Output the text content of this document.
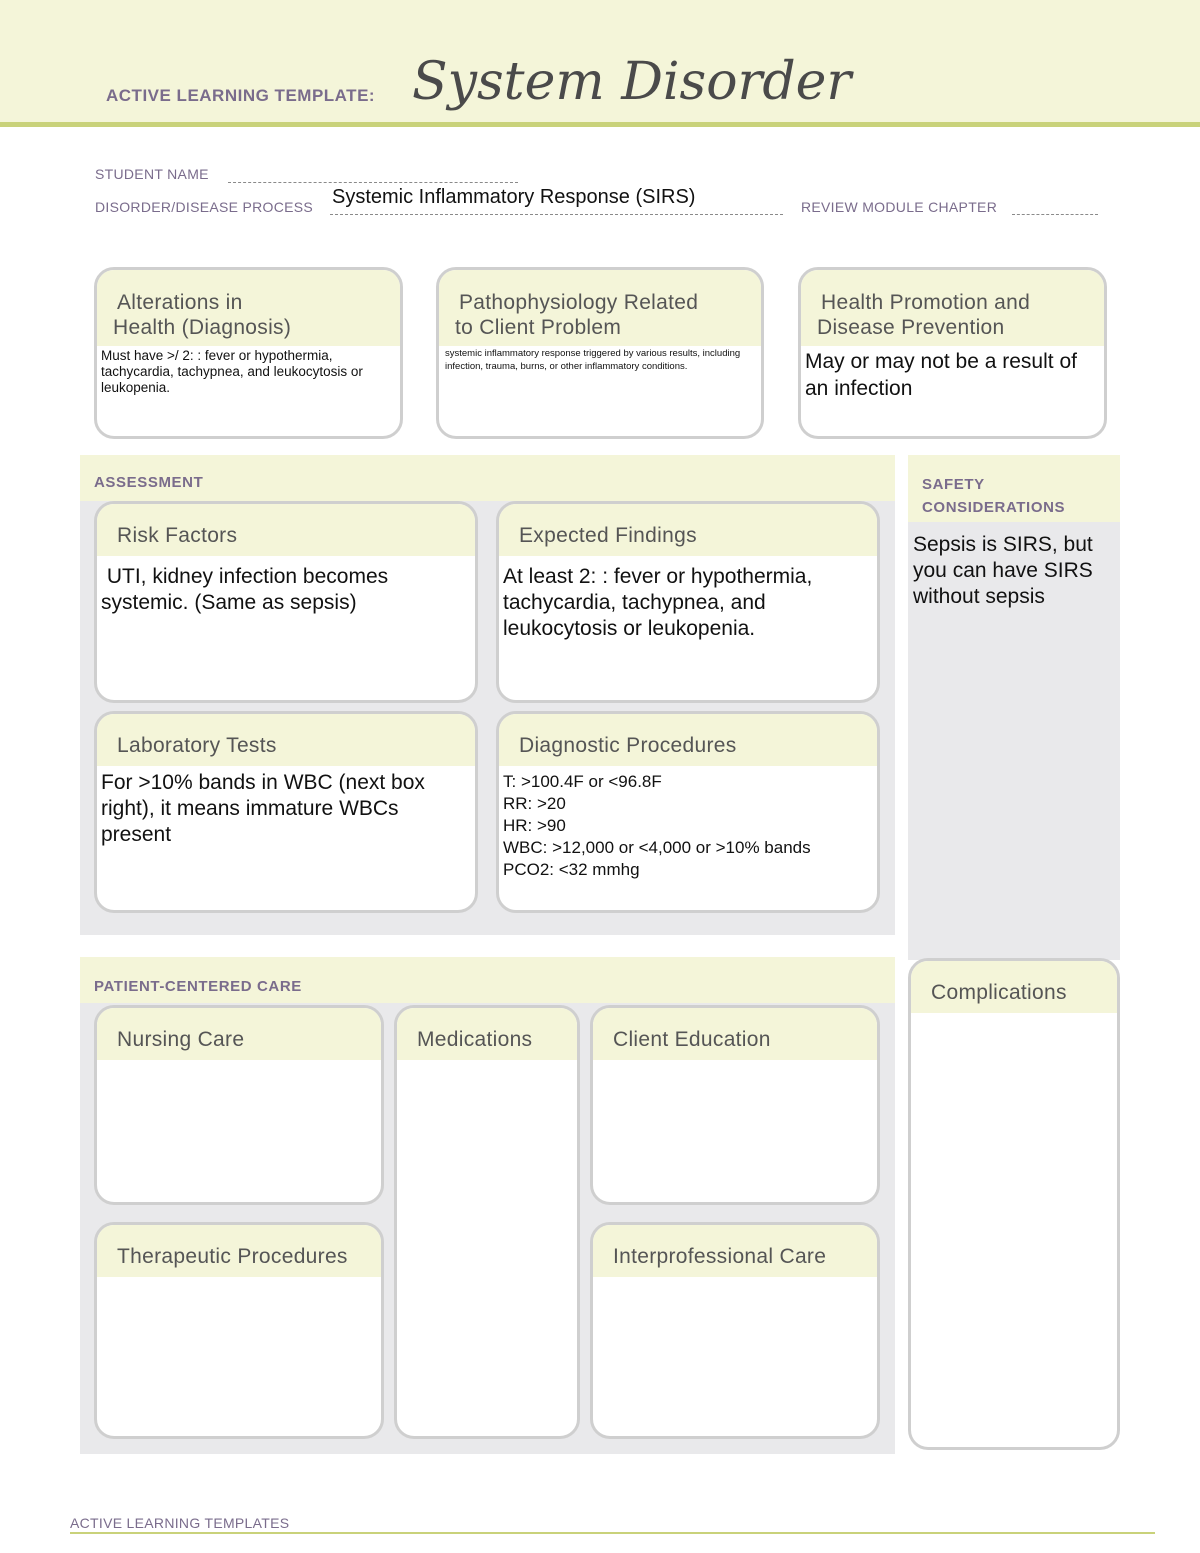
ACTIVE LEARNING TEMPLATE: System Disorder
STUDENT NAME
DISORDER/DISEASE PROCESS Systemic Inflammatory Response (SIRS)	REVIEW MODULE CHAPTER
Alterations in
Health (Diagnosis)
Must have >/ 2: : fever or hypothermia, tachycardia, tachypnea, and leukocytosis or leukopenia.
Pathophysiology Related
to Client Problem
systemic inflammatory response triggered by various results, including infection, trauma, burns, or other inflammatory conditions.
Health Promotion and
Disease Prevention
May or may not be a result of an infection
ASSESSMENT
Risk Factors
UTI, kidney infection becomes systemic. (Same as sepsis)
Expected Findings
At least 2: : fever or hypothermia, tachycardia, tachypnea, and leukocytosis or leukopenia.
Laboratory Tests
For >10% bands in WBC (next box right), it means immature WBCs present
Diagnostic Procedures
T: >100.4F or <96.8F
RR: >20
HR: >90
WBC: >12,000 or <4,000 or >10% bands
PCO2: <32 mmhg
SAFETY
CONSIDERATIONS
Sepsis is SIRS, but you can have SIRS without sepsis
PATIENT-CENTERED CARE
Nursing Care	Medications	Client Education
Therapeutic Procedures	Interprofessional Care
Complications
ACTIVE LEARNING TEMPLATES
